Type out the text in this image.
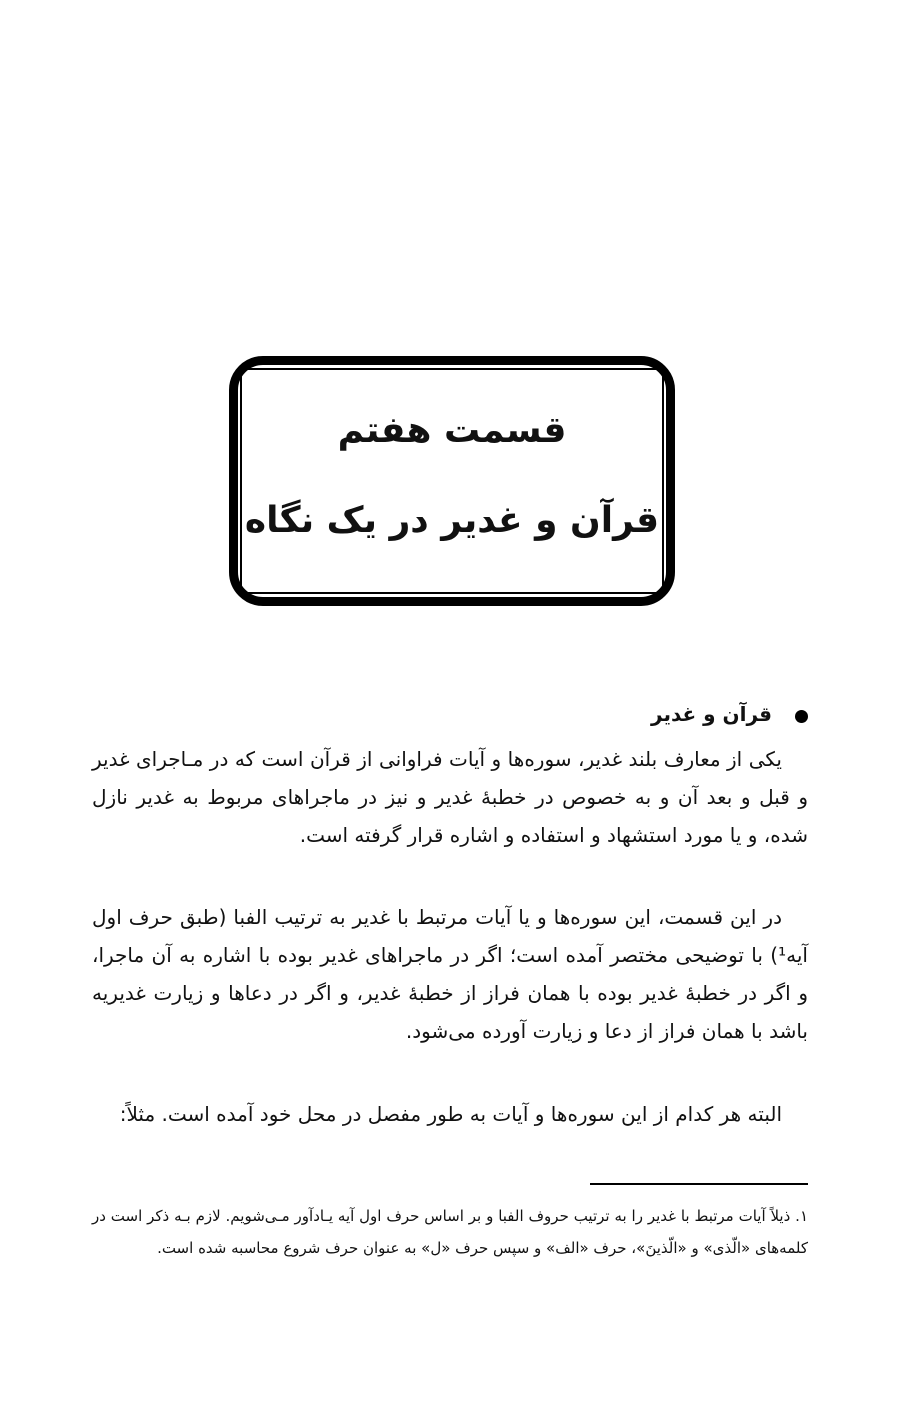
قسمت هفتم
قرآن و غدیر در یک نگاه
قرآن و غدیر

یکی از معارف بلند غدیر، سوره‌ها و آیات فراوانی از قرآن است که در مـاجرای غدیر و قبل و بعد آن و به خصوص در خطبهٔ غدیر و نیز در ماجراهای مربوط به غدیر نازل شده، و یا مورد استشهاد و استفاده و اشاره قرار گرفته است.

در این قسمت، این سوره‌ها و یا آیات مرتبط با غدیر به ترتیب الفبا (طبق حرف اول آیه¹) با توضیحی مختصر آمده است؛ اگر در ماجراهای غدیر بوده با اشاره به آن ماجرا، و اگر در خطبهٔ غدیر بوده با همان فراز از خطبهٔ غدیر، و اگر در دعاها و زیارت غدیریه باشد با همان فراز از دعا و زیارت آورده می‌شود.

البته هر کدام از این سوره‌ها و آیات به طور مفصل در محل خود آمده است. مثلاً:

۱. ذیلاً آیات مرتبط با غدیر را به ترتیب حروف الفبا و بر اساس حرف اول آیه یـادآور مـی‌شویم. لازم بـه ذکر است در کلمه‌های «الّذی» و «الّذینَ»، حرف «الف» و سپس حرف «ل» به عنوان حرف شروع محاسبه شده است.
